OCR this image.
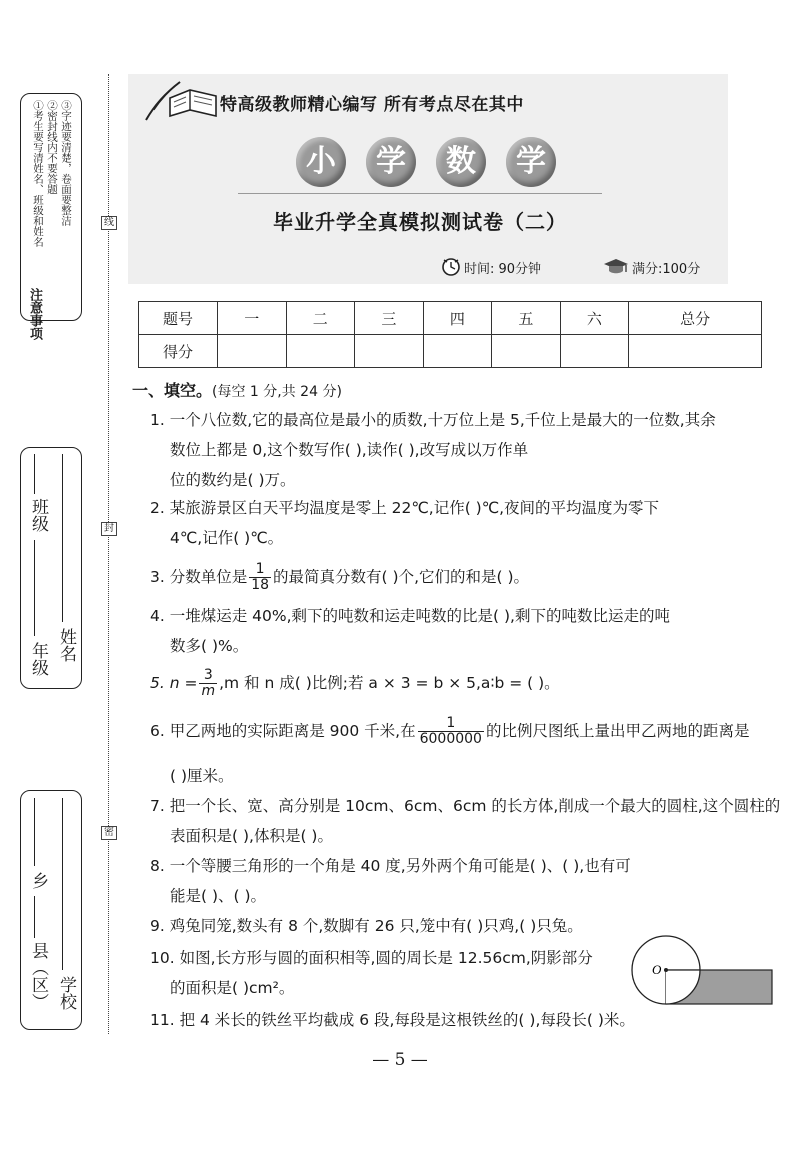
注意事项
①考生要写清姓名、班级和姓名 ②密封线内不要答题 ③字迹要清楚，卷面要整洁
年级
班级
姓名
县（区）
乡
学校
线
封
密
特高级教师精心编写 所有考点尽在其中
小	学	数	学
毕业升学全真模拟测试卷（二）
时间: 90分钟	满分:100分
题号	一	二	三	四	五	六	总分
得分							
一、填空。(每空 1 分,共 24 分)
1. 一个八位数,它的最高位是最小的质数,十万位上是 5,千位上是最大的一位数,其余
数位上都是 0,这个数写作( ),读作( ),改写成以万作单
位的数约是( )万。
2. 某旅游景区白天平均温度是零上 22℃,记作( )℃,夜间的平均温度为零下
4℃,记作( )℃。
3. 分数单位是 $\frac{1}{18}$ 的最简真分数有( )个,它们的和是( )。
4. 一堆煤运走 40%,剩下的吨数和运走吨数的比是( ),剩下的吨数比运走的吨
数多( )%。
5. $n = \frac{3}{m} ,m$ 和 n 成( )比例;若 a × 3 = b × 5,a∶b = ( )。
6. 甲乙两地的实际距离是 900 千米,在 $\frac{1}{6000000}$ 的比例尺图纸上量出甲乙两地的距离是
( )厘米。
7. 把一个长、宽、高分别是 10cm、6cm、6cm 的长方体,削成一个最大的圆柱,这个圆柱的
表面积是( ),体积是( )。
8. 一个等腰三角形的一个角是 40 度,另外两个角可能是( )、( ),也有可
能是( )、( )。
9. 鸡兔同笼,数头有 8 个,数脚有 26 只,笼中有( )只鸡,( )只兔。
10. 如图,长方形与圆的面积相等,圆的周长是 12.56cm,阴影部分
的面积是( )cm²。
O
11. 把 4 米长的铁丝平均截成 6 段,每段是这根铁丝的( ),每段长( )米。
— 5 —
